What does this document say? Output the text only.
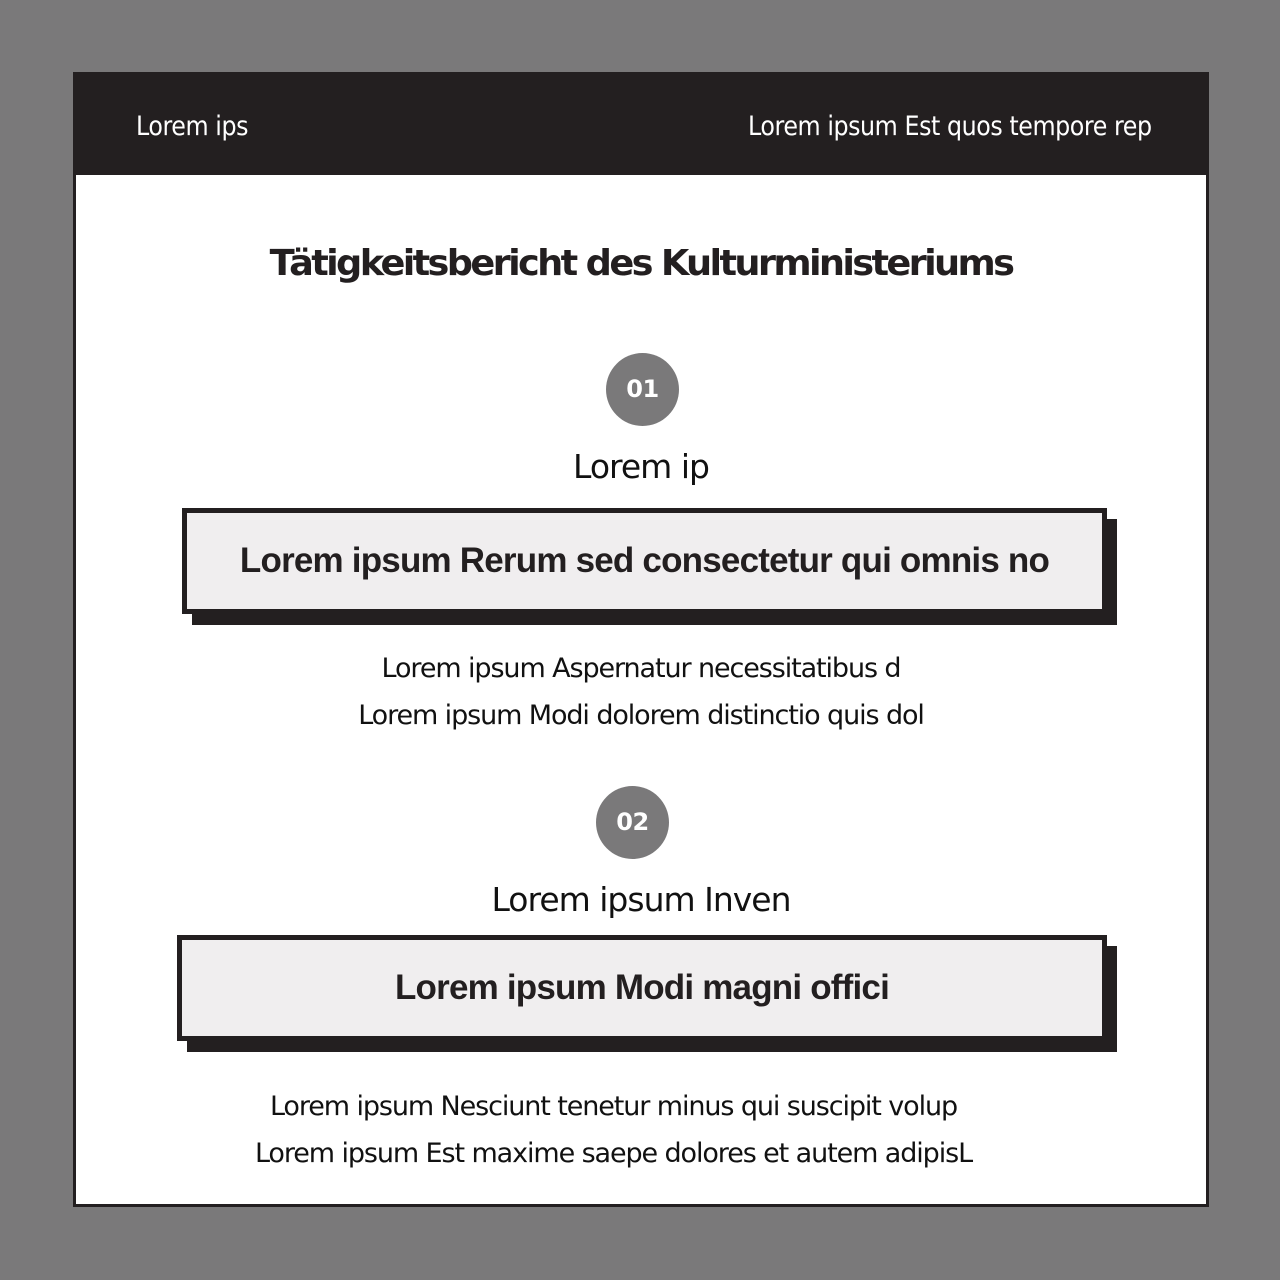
Lorem ips	Lorem ipsum Est quos tempore rep
Tätigkeitsbericht des Kulturministeriums
01
Lorem ip
Lorem ipsum Rerum sed consectetur qui omnis no
Lorem ipsum Aspernatur necessitatibus d
Lorem ipsum Modi dolorem distinctio quis dol
02
Lorem ipsum Inven
Lorem ipsum Modi magni offici
Lorem ipsum Nesciunt tenetur minus qui suscipit volup
Lorem ipsum Est maxime saepe dolores et autem adipisL
